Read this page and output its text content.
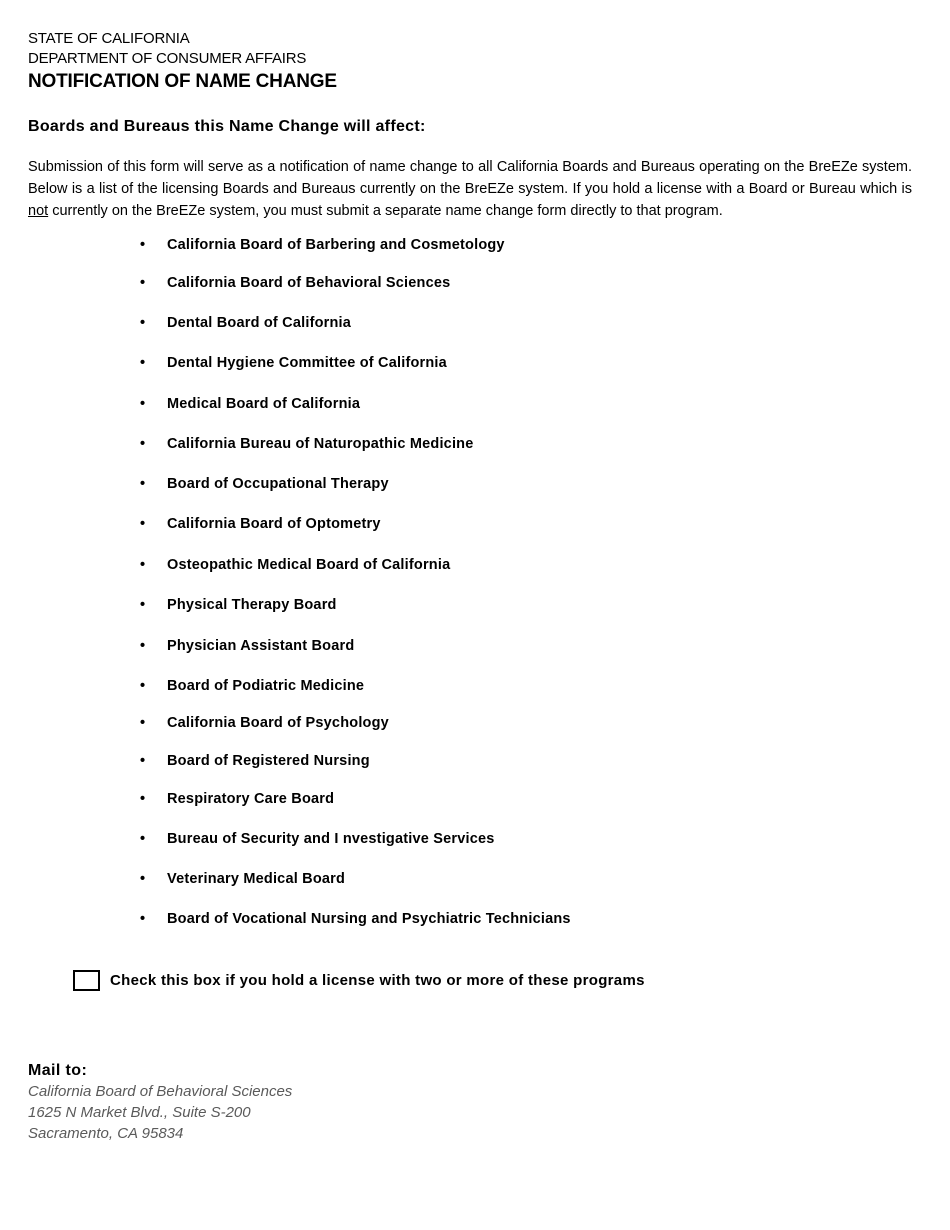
STATE OF CALIFORNIA
DEPARTMENT OF CONSUMER AFFAIRS
NOTIFICATION OF NAME CHANGE
Boards and Bureaus this Name Change will affect:

Submission of this form will serve as a notification of name change to all California Boards and Bureaus operating on the BreEZe system. Below is a list of the licensing Boards and Bureaus currently on the BreEZe system. If you hold a license with a Board or Bureau which is not currently on the BreEZe system, you must submit a separate name change form directly to that program.

• California Board of Barbering and Cosmetology
• California Board of Behavioral Sciences
• Dental Board of California
• Dental Hygiene Committee of California
• Medical Board of California
• California Bureau of Naturopathic Medicine
• Board of Occupational Therapy
• California Board of Optometry
• Osteopathic Medical Board of California
• Physical Therapy Board
• Physician Assistant Board
• Board of Podiatric Medicine
• California Board of Psychology
• Board of Registered Nursing
• Respiratory Care Board
• Bureau of Security and I nvestigative Services
• Veterinary Medical Board
• Board of Vocational Nursing and Psychiatric Technicians
Check this box if you hold a license with two or more of these programs
Mail to:
California Board of Behavioral Sciences
1625 N Market Blvd., Suite S-200
Sacramento, CA 95834
